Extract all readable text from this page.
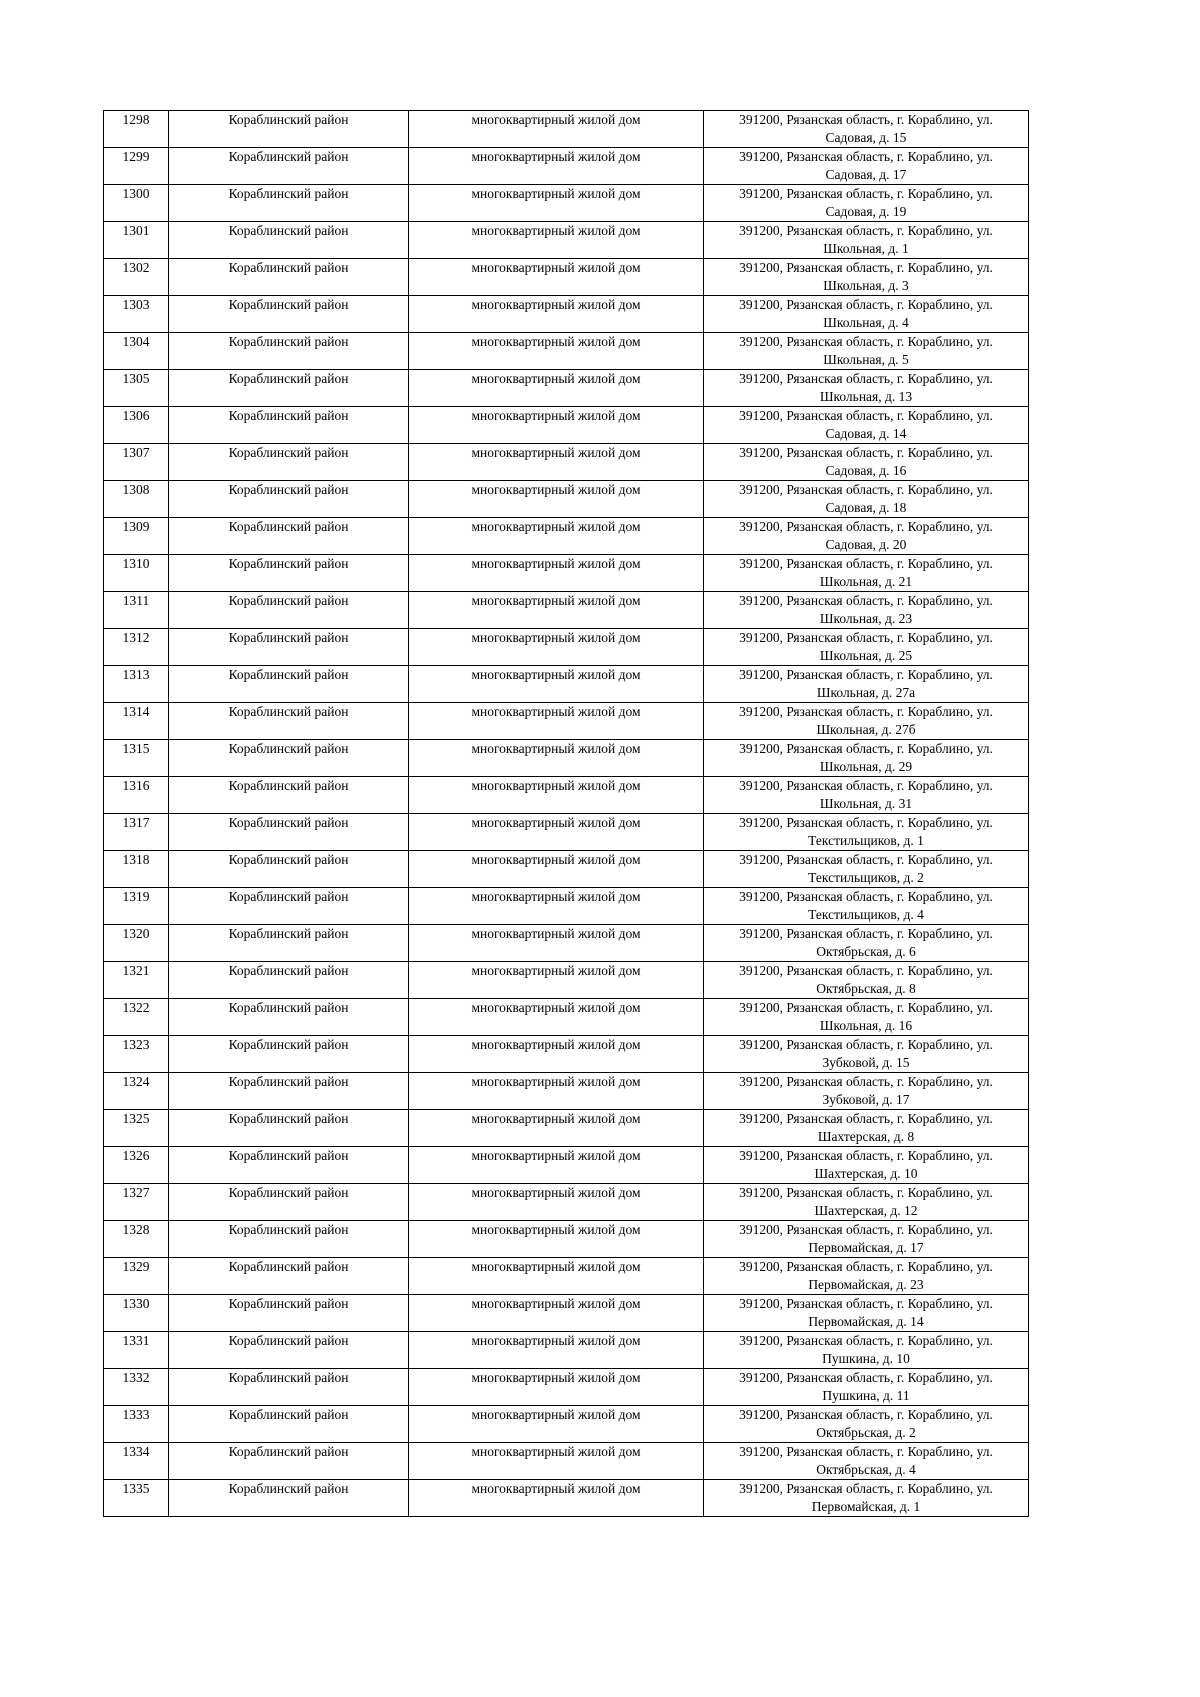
1298	Кораблинский район	многоквартирный жилой дом	391200, Рязанская область, г. Кораблино, ул.
Садовая, д. 15

1299	Кораблинский район	многоквартирный жилой дом	391200, Рязанская область, г. Кораблино, ул.
Садовая, д. 17

1300	Кораблинский район	многоквартирный жилой дом	391200, Рязанская область, г. Кораблино, ул.
Садовая, д. 19

1301	Кораблинский район	многоквартирный жилой дом	391200, Рязанская область, г. Кораблино, ул.
Школьная, д. 1

1302	Кораблинский район	многоквартирный жилой дом	391200, Рязанская область, г. Кораблино, ул.
Школьная, д. 3

1303	Кораблинский район	многоквартирный жилой дом	391200, Рязанская область, г. Кораблино, ул.
Школьная, д. 4

1304	Кораблинский район	многоквартирный жилой дом	391200, Рязанская область, г. Кораблино, ул.
Школьная, д. 5

1305	Кораблинский район	многоквартирный жилой дом	391200, Рязанская область, г. Кораблино, ул.
Школьная, д. 13

1306	Кораблинский район	многоквартирный жилой дом	391200, Рязанская область, г. Кораблино, ул.
Садовая, д. 14

1307	Кораблинский район	многоквартирный жилой дом	391200, Рязанская область, г. Кораблино, ул.
Садовая, д. 16

1308	Кораблинский район	многоквартирный жилой дом	391200, Рязанская область, г. Кораблино, ул.
Садовая, д. 18

1309	Кораблинский район	многоквартирный жилой дом	391200, Рязанская область, г. Кораблино, ул.
Садовая, д. 20

1310	Кораблинский район	многоквартирный жилой дом	391200, Рязанская область, г. Кораблино, ул.
Школьная, д. 21

1311	Кораблинский район	многоквартирный жилой дом	391200, Рязанская область, г. Кораблино, ул.
Школьная, д. 23

1312	Кораблинский район	многоквартирный жилой дом	391200, Рязанская область, г. Кораблино, ул.
Школьная, д. 25

1313	Кораблинский район	многоквартирный жилой дом	391200, Рязанская область, г. Кораблино, ул.
Школьная, д. 27а

1314	Кораблинский район	многоквартирный жилой дом	391200, Рязанская область, г. Кораблино, ул.
Школьная, д. 27б

1315	Кораблинский район	многоквартирный жилой дом	391200, Рязанская область, г. Кораблино, ул.
Школьная, д. 29

1316	Кораблинский район	многоквартирный жилой дом	391200, Рязанская область, г. Кораблино, ул.
Школьная, д. 31

1317	Кораблинский район	многоквартирный жилой дом	391200, Рязанская область, г. Кораблино, ул.
Текстильщиков, д. 1

1318	Кораблинский район	многоквартирный жилой дом	391200, Рязанская область, г. Кораблино, ул.
Текстильщиков, д. 2

1319	Кораблинский район	многоквартирный жилой дом	391200, Рязанская область, г. Кораблино, ул.
Текстильщиков, д. 4

1320	Кораблинский район	многоквартирный жилой дом	391200, Рязанская область, г. Кораблино, ул.
Октябрьская, д. 6

1321	Кораблинский район	многоквартирный жилой дом	391200, Рязанская область, г. Кораблино, ул.
Октябрьская, д. 8

1322	Кораблинский район	многоквартирный жилой дом	391200, Рязанская область, г. Кораблино, ул.
Школьная, д. 16

1323	Кораблинский район	многоквартирный жилой дом	391200, Рязанская область, г. Кораблино, ул.
Зубковой, д. 15

1324	Кораблинский район	многоквартирный жилой дом	391200, Рязанская область, г. Кораблино, ул.
Зубковой, д. 17

1325	Кораблинский район	многоквартирный жилой дом	391200, Рязанская область, г. Кораблино, ул.
Шахтерская, д. 8

1326	Кораблинский район	многоквартирный жилой дом	391200, Рязанская область, г. Кораблино, ул.
Шахтерская, д. 10

1327	Кораблинский район	многоквартирный жилой дом	391200, Рязанская область, г. Кораблино, ул.
Шахтерская, д. 12

1328	Кораблинский район	многоквартирный жилой дом	391200, Рязанская область, г. Кораблино, ул.
Первомайская, д. 17

1329	Кораблинский район	многоквартирный жилой дом	391200, Рязанская область, г. Кораблино, ул.
Первомайская, д. 23

1330	Кораблинский район	многоквартирный жилой дом	391200, Рязанская область, г. Кораблино, ул.
Первомайская, д. 14

1331	Кораблинский район	многоквартирный жилой дом	391200, Рязанская область, г. Кораблино, ул.
Пушкина, д. 10

1332	Кораблинский район	многоквартирный жилой дом	391200, Рязанская область, г. Кораблино, ул.
Пушкина, д. 11

1333	Кораблинский район	многоквартирный жилой дом	391200, Рязанская область, г. Кораблино, ул.
Октябрьская, д. 2

1334	Кораблинский район	многоквартирный жилой дом	391200, Рязанская область, г. Кораблино, ул.
Октябрьская, д. 4

1335	Кораблинский район	многоквартирный жилой дом	391200, Рязанская область, г. Кораблино, ул.
Первомайская, д. 1
